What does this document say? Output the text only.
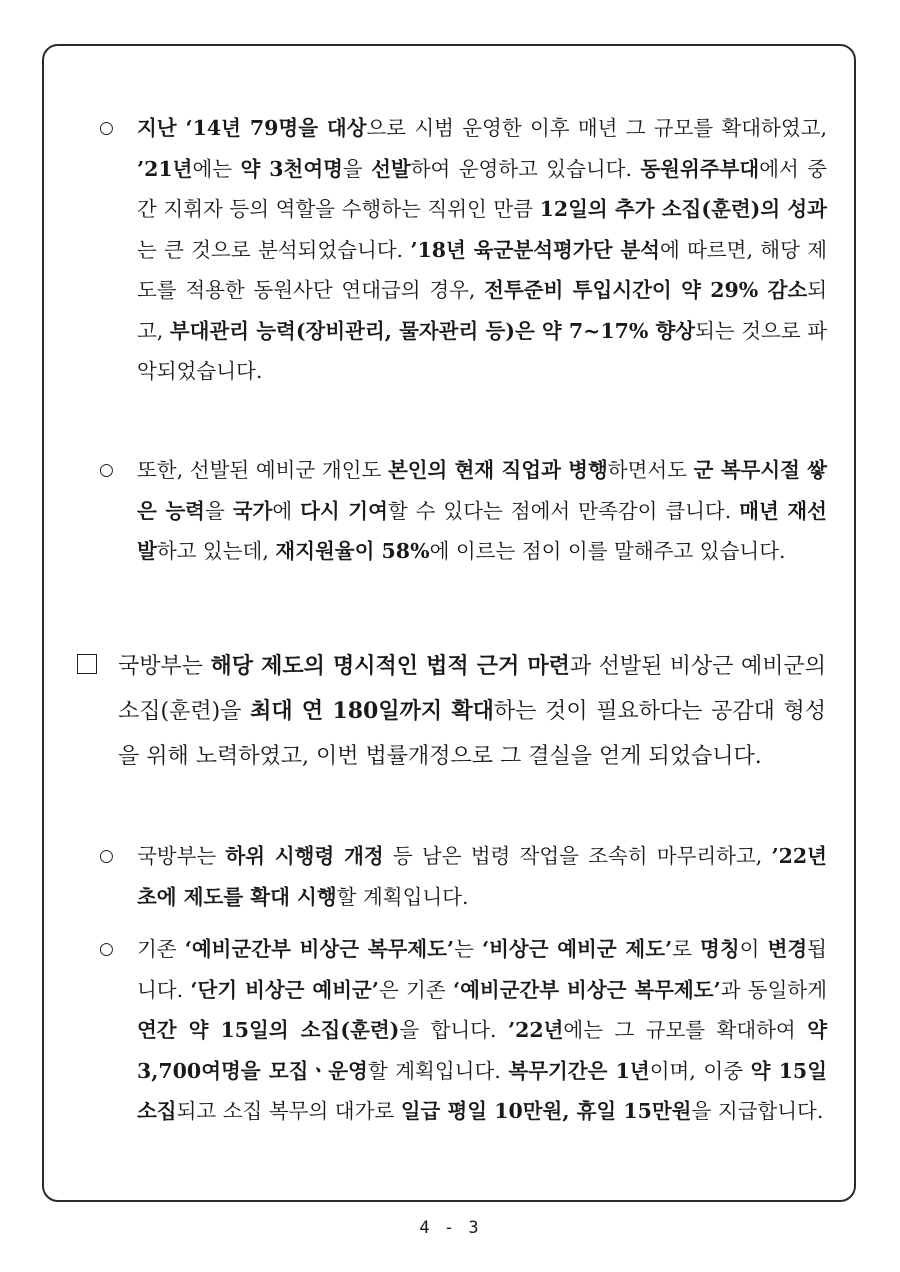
○ 지난 ‘14년 79명을 대상으로 시범 운영한 이후 매년 그 규모를 확대하였고, ’21년에는 약 3천여명을 선발하여 운영하고 있습니다. 동원위주부대에서 중간 지휘자 등의 역할을 수행하는 직위인 만큼 12일의 추가 소집(훈련)의 성과는 큰 것으로 분석되었습니다. ’18년 육군분석평가단 분석에 따르면, 해당 제도를 적용한 동원사단 연대급의 경우, 전투준비 투입시간이 약 29% 감소되고, 부대관리 능력(장비관리, 물자관리 등)은 약 7~17% 향상되는 것으로 파악되었습니다.
○ 또한, 선발된 예비군 개인도 본인의 현재 직업과 병행하면서도 군 복무시절 쌓은 능력을 국가에 다시 기여할 수 있다는 점에서 만족감이 큽니다. 매년 재선발하고 있는데, 재지원율이 58%에 이르는 점이 이를 말해주고 있습니다.
국방부는 해당 제도의 명시적인 법적 근거 마련과 선발된 비상근 예비군의 소집(훈련)을 최대 연 180일까지 확대하는 것이 필요하다는 공감대 형성을 위해 노력하였고, 이번 법률개정으로 그 결실을 얻게 되었습니다.
○ 국방부는 하위 시행령 개정 등 남은 법령 작업을 조속히 마무리하고, ’22년 초에 제도를 확대 시행할 계획입니다.
○ 기존 ‘예비군간부 비상근 복무제도’는 ‘비상근 예비군 제도’로 명칭이 변경됩니다. ‘단기 비상근 예비군’은 기존 ‘예비군간부 비상근 복무제도’과 동일하게 연간 약 15일의 소집(훈련)을 합니다. ’22년에는 그 규모를 확대하여 약 3,700여명을 모집ㆍ운영할 계획입니다. 복무기간은 1년이며, 이중 약 15일 소집되고 소집 복무의 대가로 일급 평일 10만원, 휴일 15만원을 지급합니다.
4 - 3
